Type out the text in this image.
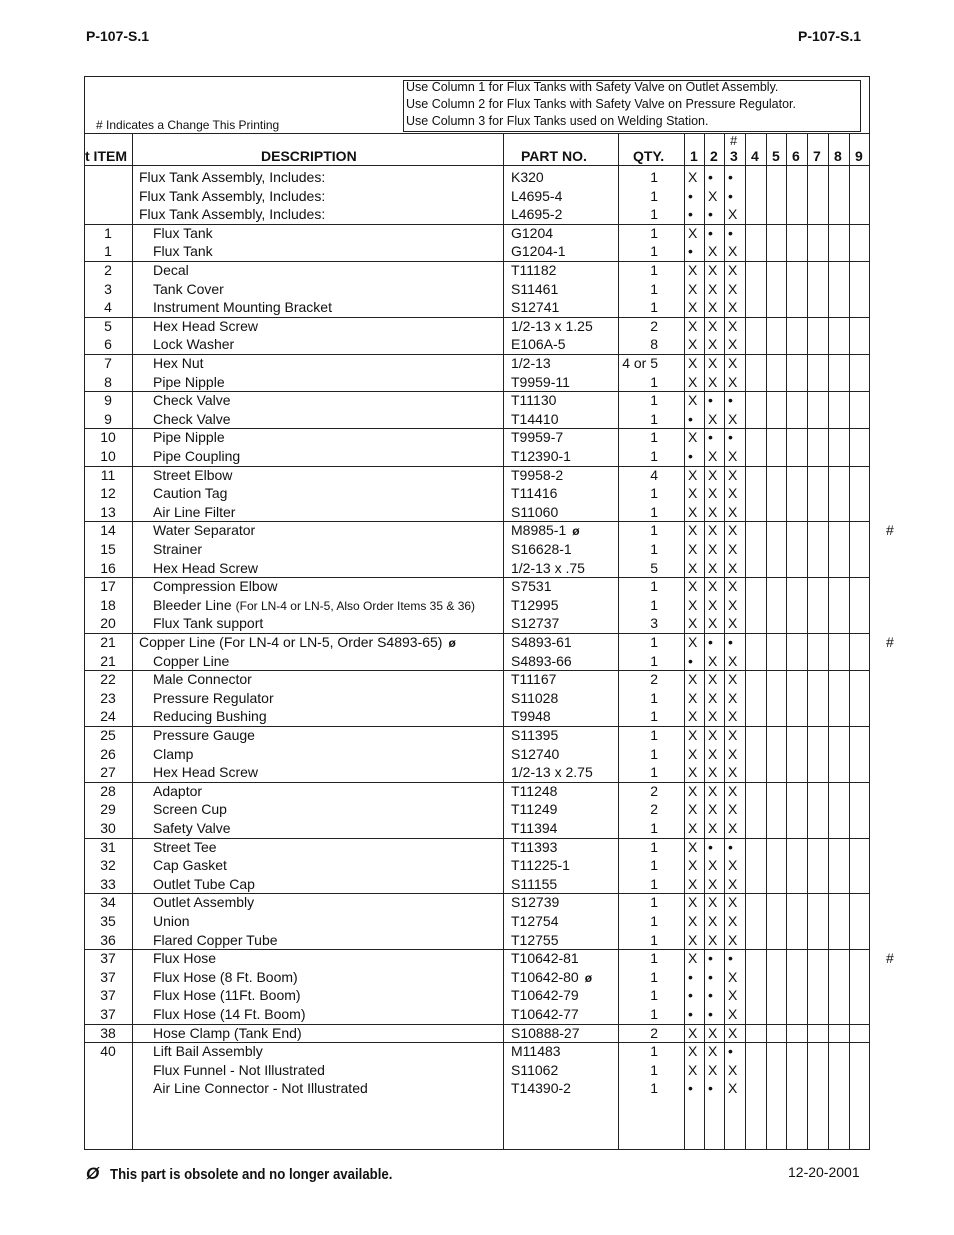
P-107-S.1	P-107-S.1
Use Column 1 for Flux Tanks with Safety Valve on Outlet Assembly.
Use Column 2 for Flux Tanks with Safety Valve on Pressure Regulator.
Use Column 3 for Flux Tanks used on Welding Station.
# Indicates a Change This Printing
t ITEM	DESCRIPTION	PART NO.	QTY.
#
1 2 3 4 5 6 7 8 9
Flux Tank Assembly, Includes:	K320	1 X •	•
Flux Tank Assembly, Includes:	L4695-4	1 •	X •
Flux Tank Assembly, Includes:	L4695-2	1 •	•	X
1	Flux Tank	G1204	1 X •	•
1	Flux Tank	G1204-1	1 •	X X
2	Decal	T11182	1 X X X
3	Tank Cover	S11461	1 X X X
4	Instrument Mounting Bracket	S12741	1 X X X
5	Hex Head Screw	1/2-13 x 1.25	2 X X X
6	Lock Washer	E106A-5	8 X X X
7	Hex Nut	1/2-13	4 or 5 X X X
8	Pipe Nipple	T9959-11	1 X X X
9	Check Valve	T11130	1 X •	•
9	Check Valve	T14410	1 •	X X
10	Pipe Nipple	T9959-7	1 X •	•
10	Pipe Coupling	T12390-1	1 •	X X
11	Street Elbow	T9958-2	4 X X X
12	Caution Tag	T11416	1 X X X
13	Air Line Filter	S11060	1 X X X
14	Water Separator	M8985-1 ø	1 X X X	#
15	Strainer	S16628-1	1 X X X
16	Hex Head Screw	1/2-13 x .75	5 X X X
17	Compression Elbow	S7531	1 X X X
18	Bleeder Line (For LN-4 or LN-5, Also Order Items 35 & 36)	T12995	1 X X X
20	Flux Tank support	S12737	3 X X X
21	Copper Line (For LN-4 or LN-5, Order S4893-65) ø	S4893-61	1 X •	•	#
21	Copper Line	S4893-66	1 •	X X
22	Male Connector	T11167	2 X X X
23	Pressure Regulator	S11028	1 X X X
24	Reducing Bushing	T9948	1 X X X
25	Pressure Gauge	S11395	1 X X X
26	Clamp	S12740	1 X X X
27	Hex Head Screw	1/2-13 x 2.75	1 X X X
28	Adaptor	T11248	2 X X X
29	Screen Cup	T11249	2 X X X
30	Safety Valve	T11394	1 X X X
31	Street Tee	T11393	1 X •	•
32	Cap Gasket	T11225-1	1 X X X
33	Outlet Tube Cap	S11155	1 X X X
34	Outlet Assembly	S12739	1 X X X
35	Union	T12754	1 X X X
36	Flared Copper Tube	T12755	1 X X X
37	Flux Hose	T10642-81	1 X •	•	#
37	Flux Hose (8 Ft. Boom)	T10642-80 ø	1 •	•	X
37	Flux Hose (11Ft. Boom)	T10642-79	1 •	•	X
37	Flux Hose (14 Ft. Boom)	T10642-77	1 •	•	X
38	Hose Clamp (Tank End)	S10888-27	2 X X X
40	Lift Bail Assembly	M11483	1 X X •
Flux Funnel - Not Illustrated	S11062	1 X X X
Air Line Connector - Not Illustrated	T14390-2	1 •	•	X
Ø This part is obsolete and no longer available.	12-20-2001
